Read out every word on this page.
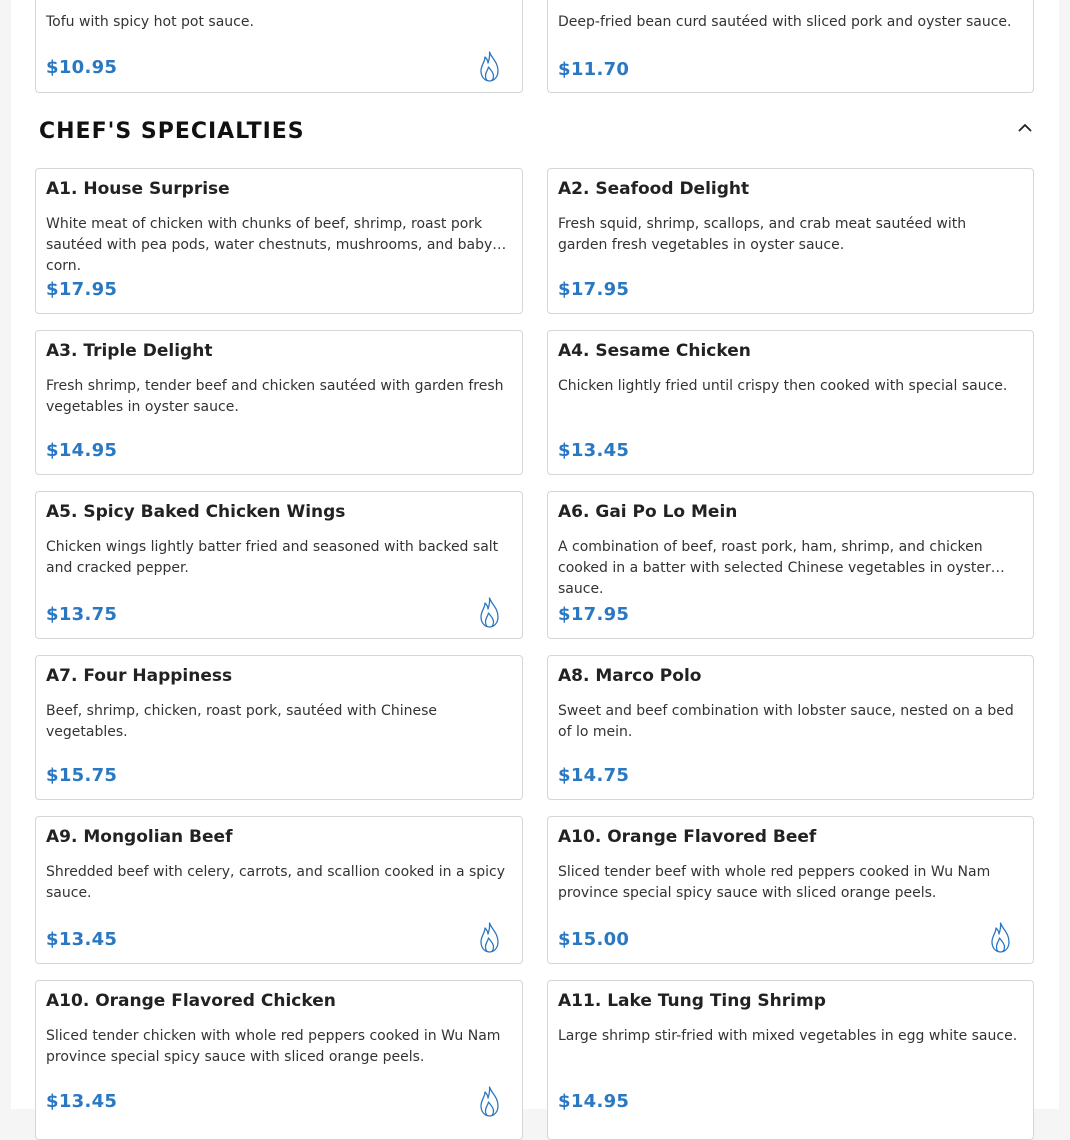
Tofu with spicy hot pot sauce.
$10.95
Deep-fried bean curd sautéed with sliced pork and oyster sauce.
$11.70
CHEF'S SPECIALTIES
A1. House Surprise
White meat of chicken with chunks of beef, shrimp, roast pork sautéed with pea pods, water chestnuts, mushrooms, and baby corn.
$17.95
A2. Seafood Delight
Fresh squid, shrimp, scallops, and crab meat sautéed with garden fresh vegetables in oyster sauce.
$17.95
A3. Triple Delight
Fresh shrimp, tender beef and chicken sautéed with garden fresh vegetables in oyster sauce.
$14.95
A4. Sesame Chicken
Chicken lightly fried until crispy then cooked with special sauce.
$13.45
A5. Spicy Baked Chicken Wings
Chicken wings lightly batter fried and seasoned with backed salt and cracked pepper.
$13.75
A6. Gai Po Lo Mein
A combination of beef, roast pork, ham, shrimp, and chicken cooked in a batter with selected Chinese vegetables in oyster sauce.
$17.95
A7. Four Happiness
Beef, shrimp, chicken, roast pork, sautéed with Chinese vegetables.
$15.75
A8. Marco Polo
Sweet and beef combination with lobster sauce, nested on a bed of lo mein.
$14.75
A9. Mongolian Beef
Shredded beef with celery, carrots, and scallion cooked in a spicy sauce.
$13.45
A10. Orange Flavored Beef
Sliced tender beef with whole red peppers cooked in Wu Nam province special spicy sauce with sliced orange peels.
$15.00
A10. Orange Flavored Chicken
Sliced tender chicken with whole red peppers cooked in Wu Nam province special spicy sauce with sliced orange peels.
$13.45
A11. Lake Tung Ting Shrimp
Large shrimp stir-fried with mixed vegetables in egg white sauce.
$14.95
